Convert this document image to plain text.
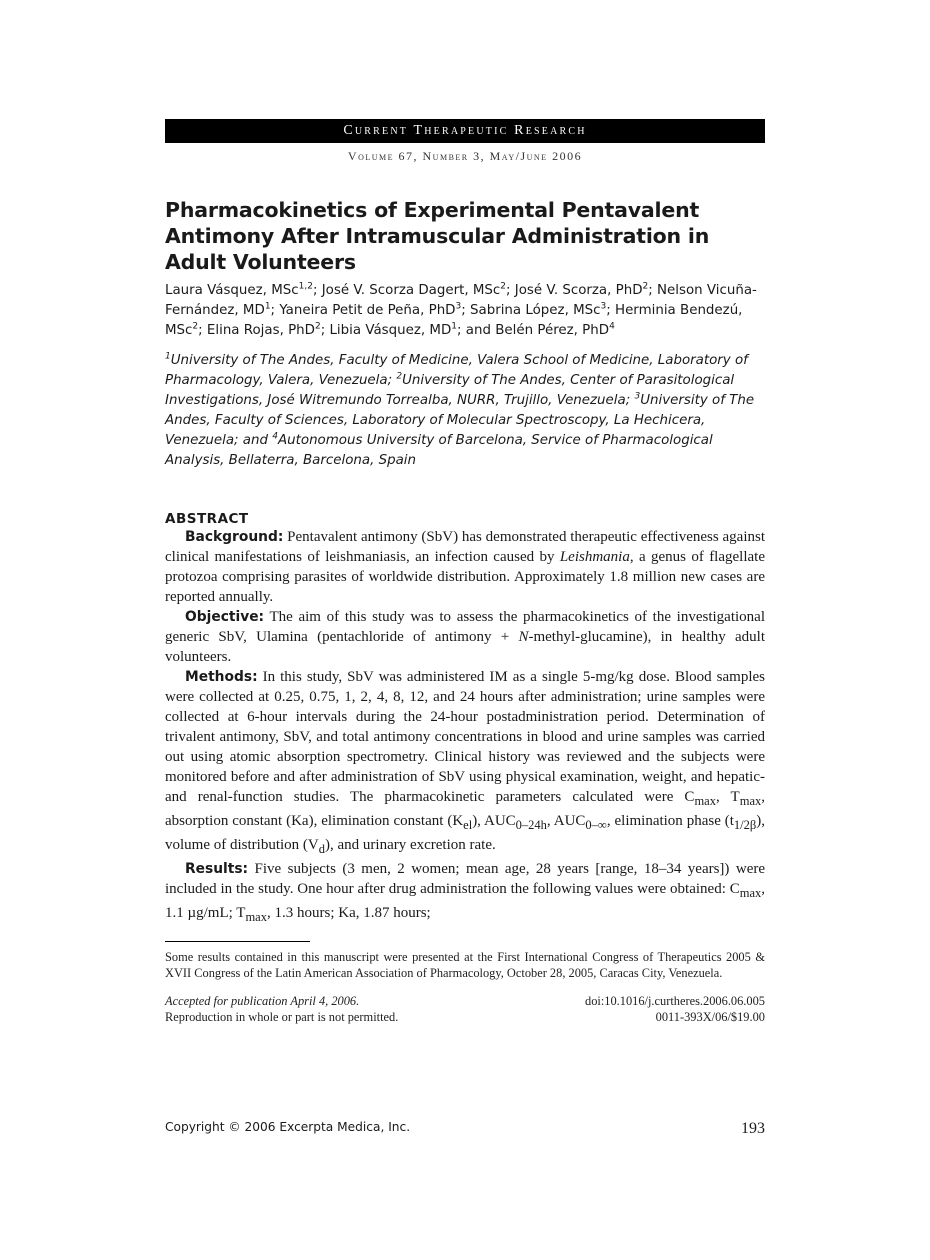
Current Therapeutic Research
Volume 67, Number 3, May/June 2006
Pharmacokinetics of Experimental Pentavalent Antimony After Intramuscular Administration in Adult Volunteers
Laura Vásquez, MSc$^{1,2}$; José V. Scorza Dagert, MSc$^2$; José V. Scorza, PhD$^2$; Nelson Vicuña-Fernández, $MD^1$; Yaneira Petit de Peña, PhD$^3$; Sabrina López, MSc$^3$; Herminia Bendezú, MSc$^2$; Elina Rojas, PhD$^2$; Libia Vásquez, $MD^1$; and Belén Pérez, PhD$^4$
$^1$University of The Andes, Faculty of Medicine, Valera School of Medicine, Laboratory of Pharmacology, Valera, Venezuela; $^2$University of The Andes, Center of Parasitological Investigations, José Witremundo Torrealba, NURR, Trujillo, Venezuela; $^3$University of The Andes, Faculty of Sciences, Laboratory of Molecular Spectroscopy, La Hechicera, Venezuela; and $^4$Autonomous University of Barcelona, Service of Pharmacological Analysis, Bellaterra, Barcelona, Spain
ABSTRACT

Background: Pentavalent antimony (SbV) has demonstrated therapeutic effectiveness against clinical manifestations of leishmaniasis, an infection caused by Leishmania, a genus of flagellate protozoa comprising parasites of worldwide distribution. Approximately 1.8 million new cases are reported annually.

Objective: The aim of this study was to assess the pharmacokinetics of the investigational generic SbV, Ulamina (pentachloride of antimony + N-methyl-glucamine), in healthy adult volunteers.

Methods: In this study, SbV was administered IM as a single 5-mg/kg dose. Blood samples were collected at 0.25, 0.75, 1, 2, 4, 8, 12, and 24 hours after administration; urine samples were collected at 6-hour intervals during the 24-hour postadministration period. Determination of trivalent antimony, SbV, and total antimony concentrations in blood and urine samples was carried out using atomic absorption spectrometry. Clinical history was reviewed and the subjects were monitored before and after administration of SbV using physical examination, weight, and hepatic- and renal-function studies. The pharmacokinetic parameters calculated were $C_{max}$, $T_{max}$, absorption constant (Ka), elimination constant $(K_{el})$, $AUC_{0-24h}$, $AUC_{0-\infty}$, elimination phase $(t_{1/2\beta})$, volume of distribution $(V_d)$, and urinary excretion rate.

Results: Five subjects (3 men, 2 women; mean age, 28 years [range, 18–34 years]) were included in the study. One hour after drug administration the following values were obtained: $C_{max}$, 1.1 µg/mL; $T_{max}$, 1.3 hours; Ka, 1.87 hours;

Some results contained in this manuscript were presented at the First International Congress of Therapeutics 2005 & XVII Congress of the Latin American Association of Pharmacology, October 28, 2005, Caracas City, Venezuela.
Accepted for publication April 4, 2006.
Reproduction in whole or part is not permitted.
doi:10.1016/j.curtheres.2006.06.005
0011-393X/06/$19.00
Copyright © 2006 Excerpta Medica, Inc.	193
